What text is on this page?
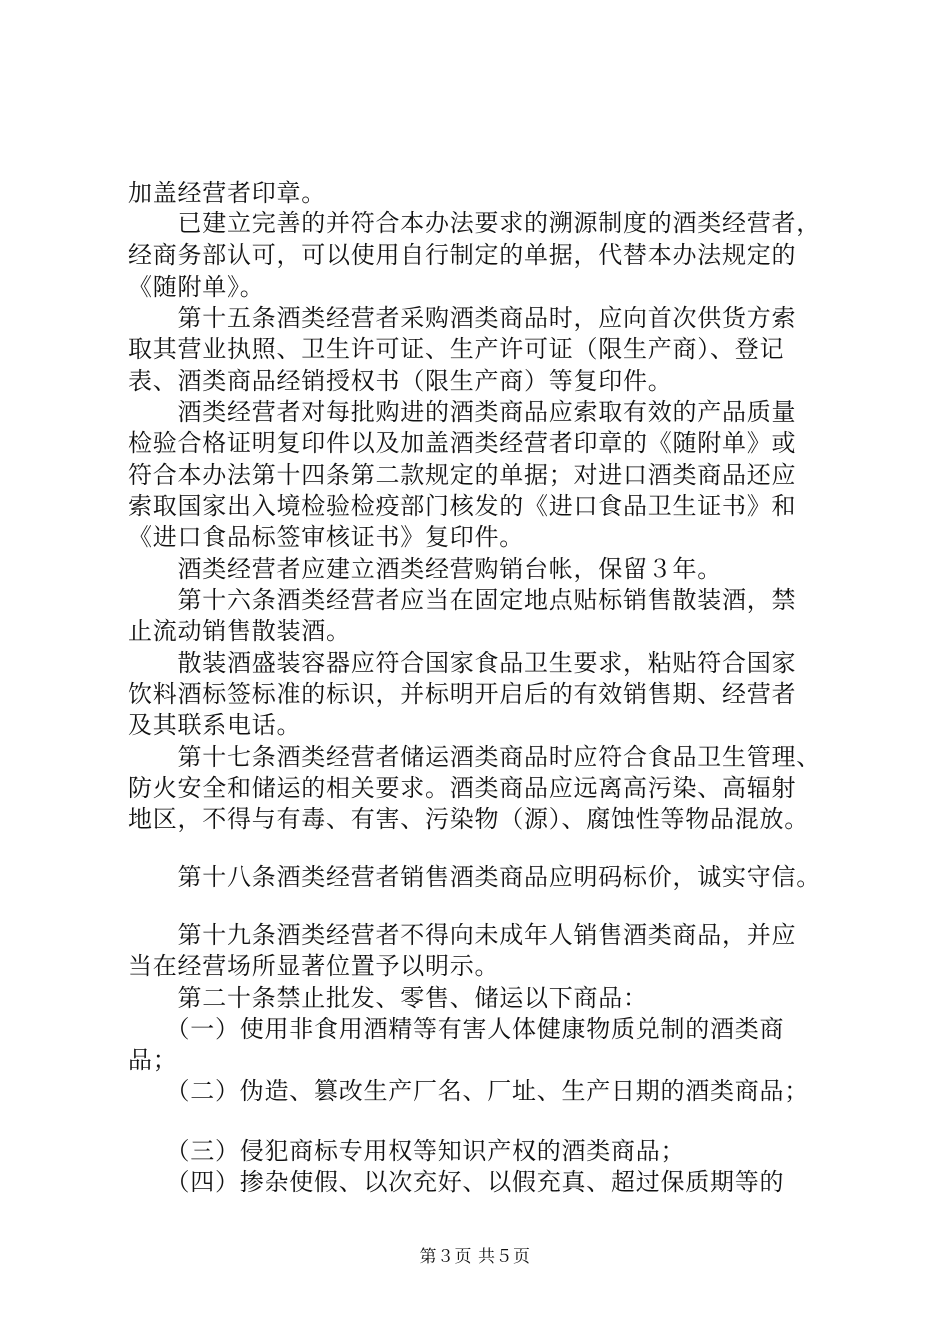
加盖经营者印章。
　　已建立完善的并符合本办法要求的溯源制度的酒类经营者，
经商务部认可，可以使用自行制定的单据，代替本办法规定的
《随附单》。
　　第十五条酒类经营者采购酒类商品时，应向首次供货方索
取其营业执照、卫生许可证、生产许可证（限生产商）、登记
表、酒类商品经销授权书（限生产商）等复印件。
　　酒类经营者对每批购进的酒类商品应索取有效的产品质量
检验合格证明复印件以及加盖酒类经营者印章的《随附单》或
符合本办法第十四条第二款规定的单据；对进口酒类商品还应
索取国家出入境检验检疫部门核发的《进口食品卫生证书》和
《进口食品标签审核证书》复印件。
　　酒类经营者应建立酒类经营购销台帐，保留３年。
　　第十六条酒类经营者应当在固定地点贴标销售散装酒，禁
止流动销售散装酒。
　　散装酒盛装容器应符合国家食品卫生要求，粘贴符合国家
饮料酒标签标准的标识，并标明开启后的有效销售期、经营者
及其联系电话。
　　第十七条酒类经营者储运酒类商品时应符合食品卫生管理、
防火安全和储运的相关要求。酒类商品应远离高污染、高辐射
地区，不得与有毒、有害、污染物（源）、腐蚀性等物品混放。
　　第十八条酒类经营者销售酒类商品应明码标价，诚实守信。
　　第十九条酒类经营者不得向未成年人销售酒类商品，并应
当在经营场所显著位置予以明示。
　　第二十条禁止批发、零售、储运以下商品：
　　（一）使用非食用酒精等有害人体健康物质兑制的酒类商
品；
　　（二）伪造、篡改生产厂名、厂址、生产日期的酒类商品；
　　（三）侵犯商标专用权等知识产权的酒类商品；
　　（四）掺杂使假、以次充好、以假充真、超过保质期等的
第３页 共５页
